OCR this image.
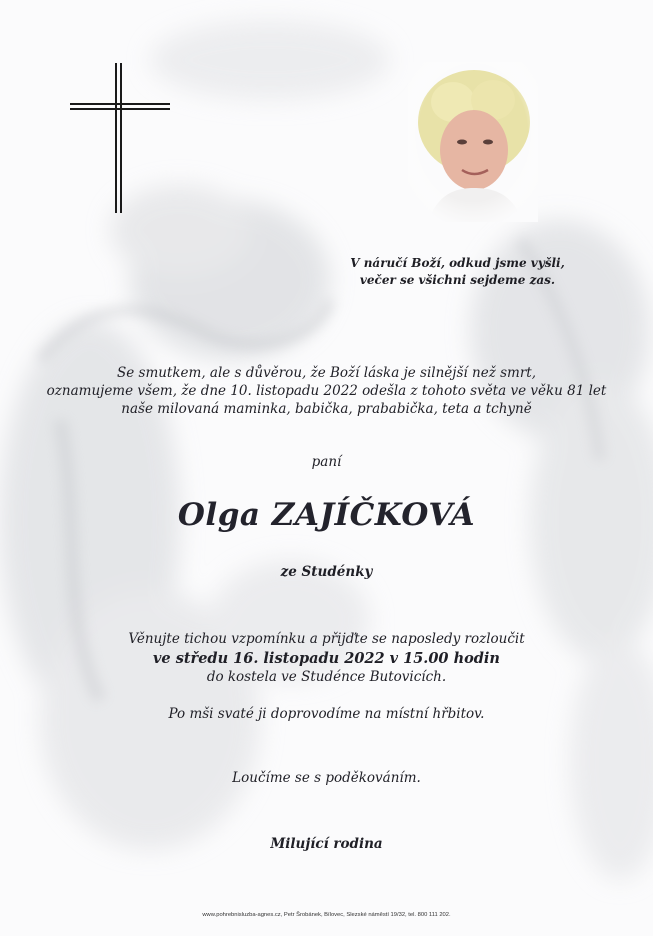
V náručí Boží, odkud jsme vyšli,
večer se všichni sejdeme zas.
Se smutkem, ale s důvěrou, že Boží láska je silnější než smrt,
oznamujeme všem, že dne 10. listopadu 2022 odešla z tohoto světa ve věku 81 let
naše milovaná maminka, babička, prababička, teta a tchyně
paní
Olga ZAJÍČKOVÁ
ze Studénky
Věnujte tichou vzpomínku a přijďte se naposledy rozloučit
ve středu 16. listopadu 2022 v 15.00 hodin
do kostela ve Studénce Butovicích.
Po mši svaté ji doprovodíme na místní hřbitov.
Loučíme se s poděkováním.
Milující rodina
www.pohrebnisluzba-agnes.cz, Petr Šrobánek, Bílovec, Slezské náměstí 19/32, tel. 800 111 202.
